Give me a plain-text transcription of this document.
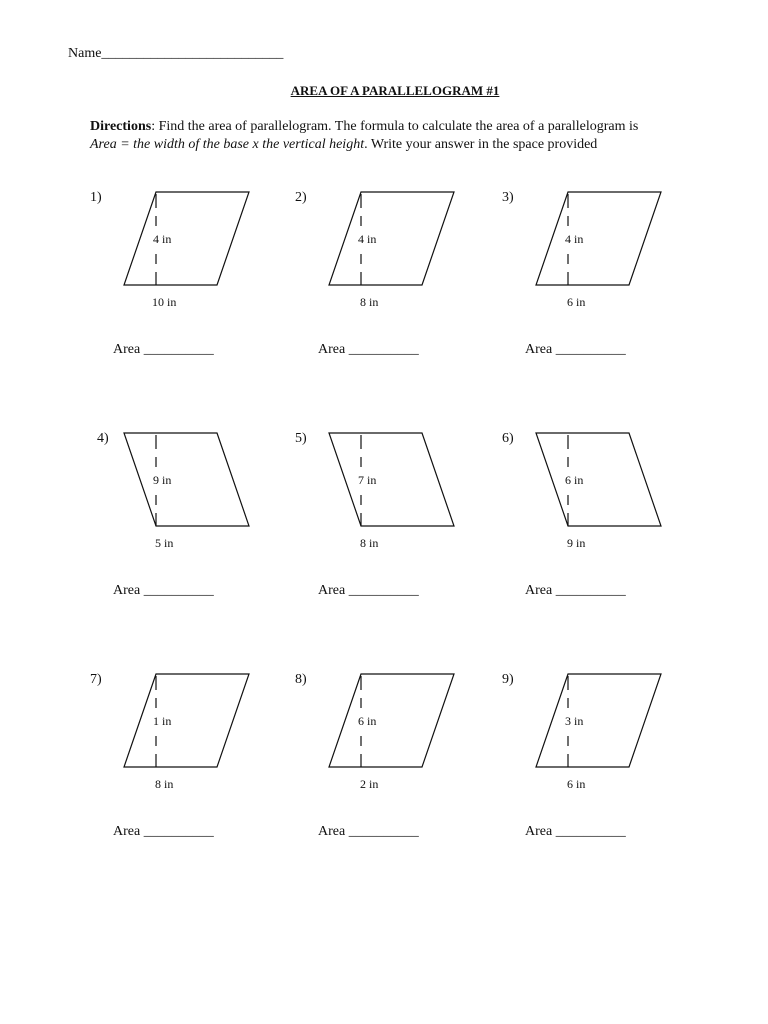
Name__________________________
AREA OF A PARALLELOGRAM #1
Directions: Find the area of parallelogram. The formula to calculate the area of a parallelogram is
Area = the width of the base x the vertical height. Write your answer in the space provided
1)
4 in
10 in
Area __________
2)
4 in
8 in
Area __________
3)
4 in
6 in
Area __________
4)
9 in
5 in
Area __________
5)
7 in
8 in
Area __________
6)
6 in
9 in
Area __________
7)
1 in
8 in
Area __________
8)
6 in
2 in
Area __________
9)
3 in
6 in
Area __________
